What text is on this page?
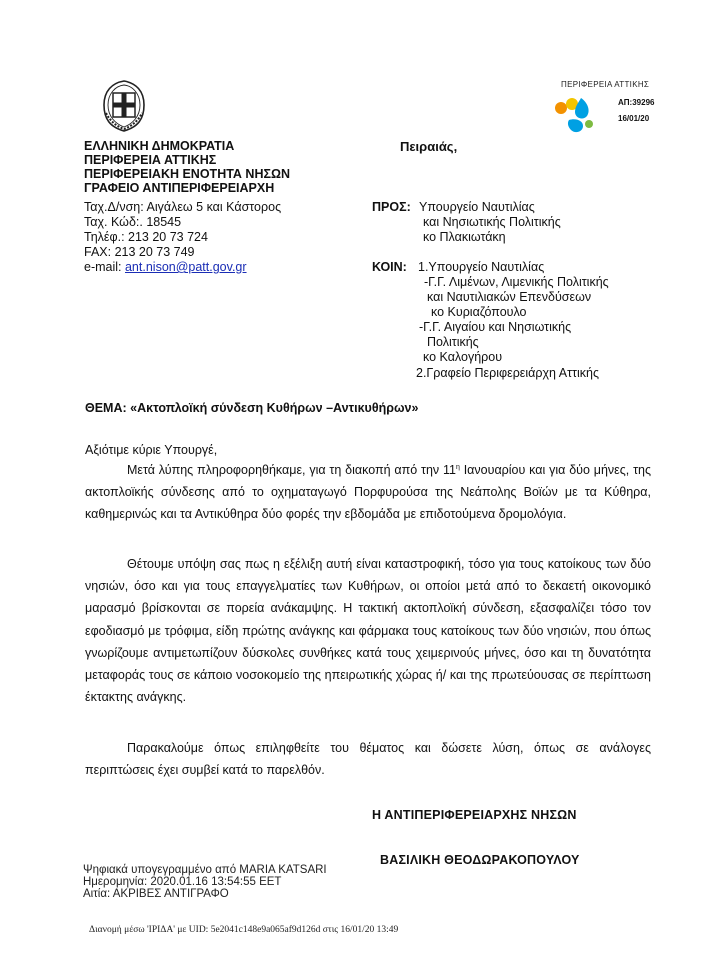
ΠΕΡΙΦΕΡΕΙΑ ΑΤΤΙΚΗΣ
ΑΠ:39296
16/01/20
ΕΛΛΗΝΙΚΗ ΔΗΜΟΚΡΑΤΙΑ
ΠΕΡΙΦΕΡΕΙΑ ΑΤΤΙΚΗΣ
ΠΕΡΙΦΕΡΕΙΑΚΗ ΕΝΟΤΗΤΑ ΝΗΣΩΝ
ΓΡΑΦΕΙΟ ΑΝΤΙΠΕΡΙΦΕΡΕΙΑΡΧΗ
Πειραιάς,
Ταχ.Δ/νση: Αιγάλεω 5 και Κάστορος
Ταχ. Κώδ:. 18545
Τηλέφ.: 213 20 73 724
FAX: 213 20 73 749
e-mail: ant.nison@patt.gov.gr
ΠΡΟΣ: Υπουργείο Ναυτιλίας
και Νησιωτικής Πολιτικής
κο Πλακιωτάκη
ΚΟΙΝ: 1.Υπουργείο Ναυτιλίας
-Γ.Γ. Λιμένων, Λιμενικής Πολιτικής
και Ναυτιλιακών Επενδύσεων
κο Κυριαζόπουλο
-Γ.Γ. Αιγαίου και Νησιωτικής
Πολιτικής
κο Καλογήρου
2.Γραφείο Περιφερειάρχη Αττικής
ΘΕΜΑ: «Ακτοπλοϊκή σύνδεση Κυθήρων –Αντικυθήρων»
Αξιότιμε κύριε Υπουργέ,

Μετά λύπης πληροφορηθήκαμε, για τη διακοπή από την $11^\eta$ Ιανουαρίου και για δύο μήνες, της ακτοπλοϊκής σύνδεσης από το οχηματαγωγό Πορφυρούσα της Νεάπολης Βοϊών με τα Κύθηρα, καθημερινώς και τα Αντικύθηρα δύο φορές την εβδομάδα με επιδοτούμενα δρομολόγια.

Θέτουμε υπόψη σας πως η εξέλιξη αυτή είναι καταστροφική, τόσο για τους κατοίκους των δύο νησιών, όσο και για τους επαγγελματίες των Κυθήρων, οι οποίοι μετά από το δεκαετή οικονομικό μαρασμό βρίσκονται σε πορεία ανάκαμψης. Η τακτική ακτοπλοϊκή σύνδεση, εξασφαλίζει τόσο τον εφοδιασμό με τρόφιμα, είδη πρώτης ανάγκης και φάρμακα τους κατοίκους των δύο νησιών, που όπως γνωρίζουμε αντιμετωπίζουν δύσκολες συνθήκες κατά τους χειμερινούς μήνες, όσο και τη δυνατότητα μεταφοράς τους σε κάποιο νοσοκομείο της ηπειρωτικής χώρας ή/ και της πρωτεύουσας σε περίπτωση έκτακτης ανάγκης.

Παρακαλούμε όπως επιληφθείτε του θέματος και δώσετε λύση, όπως σε ανάλογες περιπτώσεις έχει συμβεί κατά το παρελθόν.

Η ΑΝΤΙΠΕΡΙΦΕΡΕΙΑΡΧΗΣ ΝΗΣΩΝ
ΒΑΣΙΛΙΚΗ ΘΕΟΔΩΡΑΚΟΠΟΥΛΟΥ
Ψηφιακά υπογεγραμμένο από MARIA KATSARI
Ημερομηνία: 2020.01.16 13:54:55 EET
Αιτία: ΑΚΡΙΒΕΣ ΑΝΤΙΓΡΑΦΟ
Διανομή μέσω 'ΙΡΙΔΑ' με UID: 5e2041c148e9a065af9d126d στις 16/01/20 13:49
